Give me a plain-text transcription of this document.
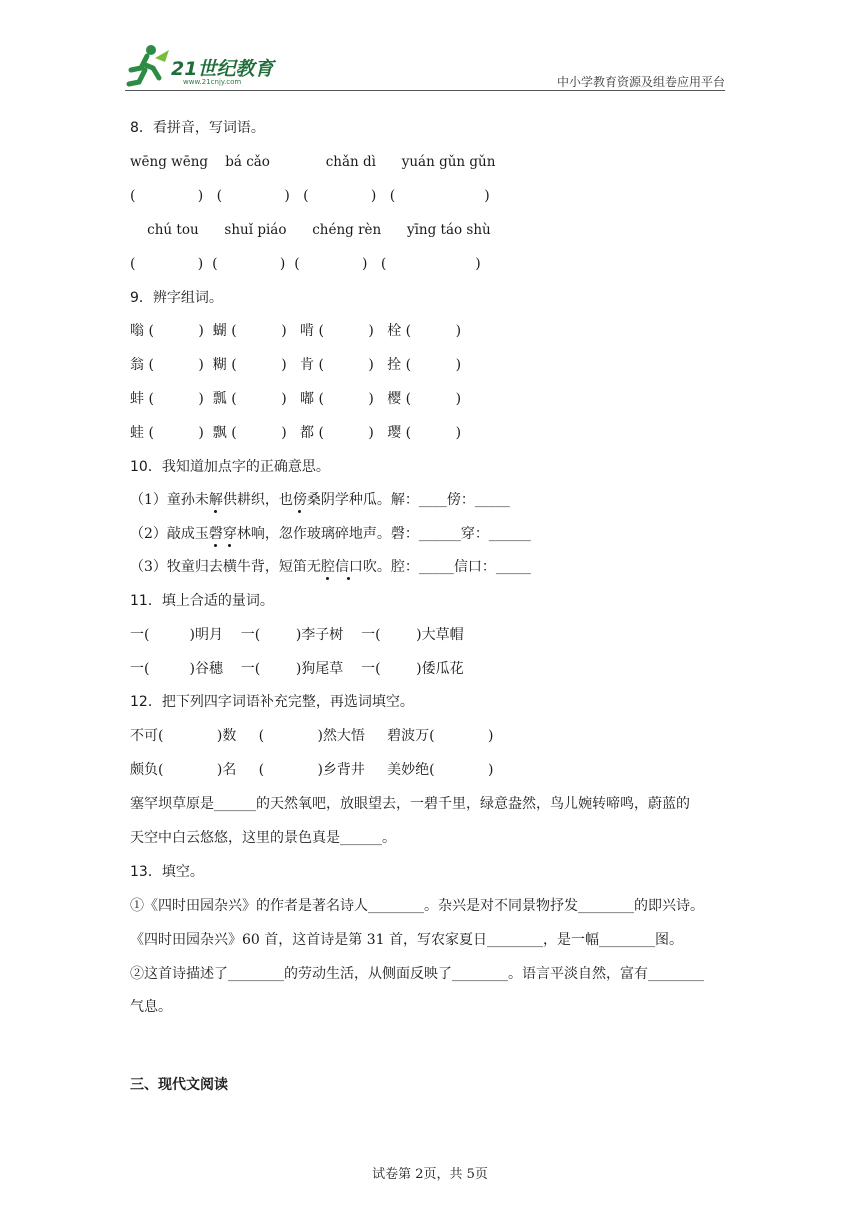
21世纪教育
www.21cnjy.com	中小学教育资源及组卷应用平台
8．看拼音，写词语。
wēng wēng    bá cǎo             chǎn dì      yuán gǔn gǔn
(              )   (              )   (              )   (                    )
chú tou      shuǐ piáo      chéng rèn      yīng táo shù
(              )  (              )  (              )   (                    )
9．辨字组词。
嗡 (          )  蝴 (          )   啃 (          )   栓 (          )
翁 (          )  糊 (          )   肯 (          )   拴 (          )
蚌 (          )  瓢 (          )   嘟 (          )   樱 (          )
蛙 (          )  飘 (          )   都 (          )   璎 (          )
10．我知道加点字的正确意思。
（1）童孙未解供耕织，也傍桑阴学种瓜。解：____傍：_____
（2）敲成玉磬穿林响，忽作玻璃碎地声。磬：______穿：______
（3）牧童归去横牛背，短笛无腔信口吹。腔：_____信口：_____
11．填上合适的量词。
一(         )明月    一(        )李子树    一(        )大草帽
一(         )谷穗    一(        )狗尾草    一(        )倭瓜花
12．把下列四字词语补充完整，再选词填空。
不可(            )数     (            )然大悟     碧波万(            )
颇负(            )名     (            )乡背井     美妙绝(            )
塞罕坝草原是______的天然氧吧，放眼望去，一碧千里，绿意盎然，鸟儿婉转啼鸣，蔚蓝的
天空中白云悠悠，这里的景色真是______。
13．填空。
①《四时田园杂兴》的作者是著名诗人________。杂兴是对不同景物抒发________的即兴诗。
《四时田园杂兴》60 首，这首诗是第 31 首，写农家夏日________，是一幅________图。
②这首诗描述了________的劳动生活，从侧面反映了________。语言平淡自然，富有________
气息。
三、现代文阅读
试卷第 2页，共 5页
